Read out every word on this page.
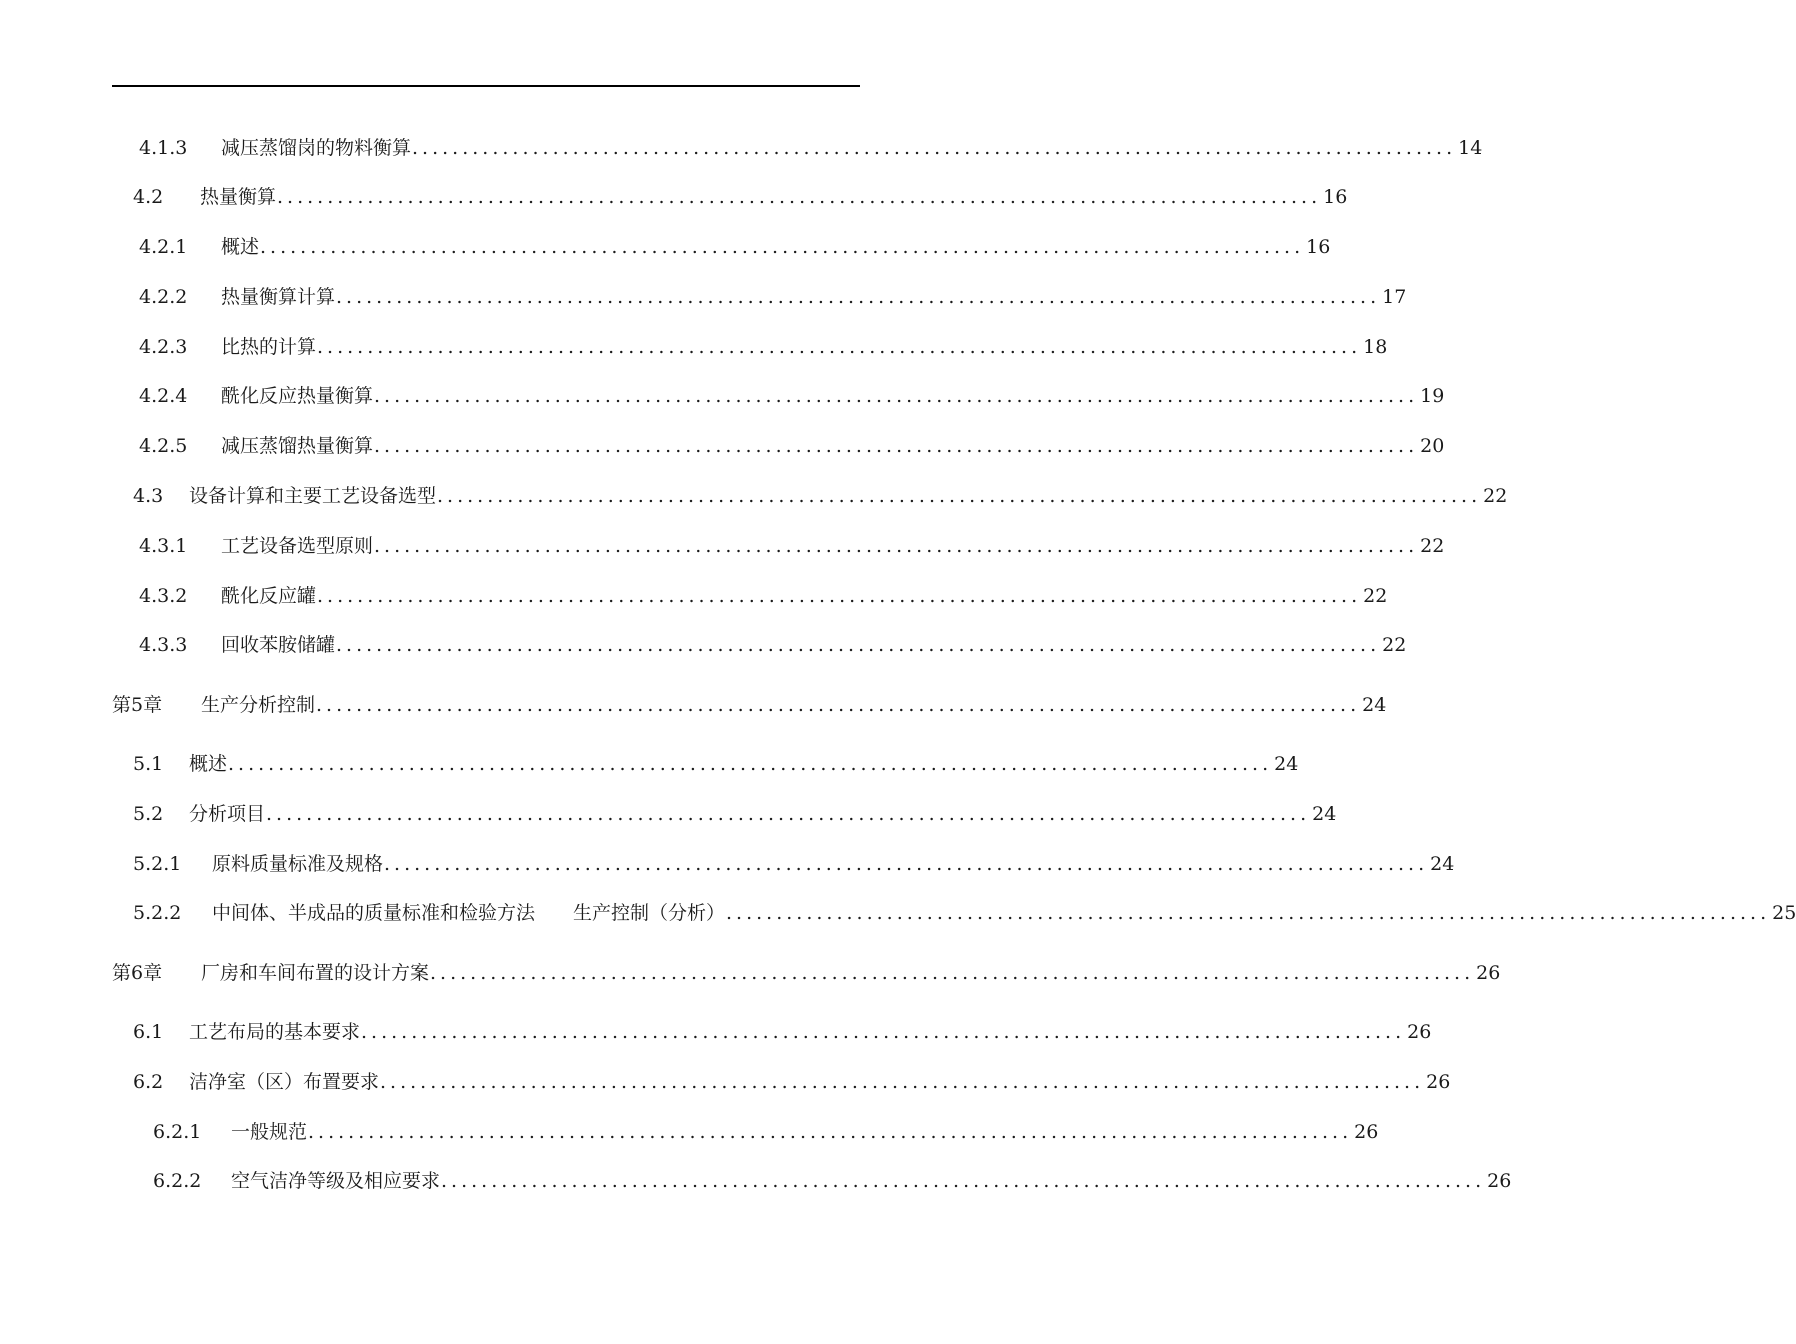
4.1.3	减压蒸馏岗的物料衡算 ........................................................................................................ 14
4.2	热量衡算 ........................................................................................................ 16
4.2.1	概述 ........................................................................................................ 16
4.2.2	热量衡算计算 ........................................................................................................ 17
4.2.3	比热的计算 ........................................................................................................ 18
4.2.4	酰化反应热量衡算 ........................................................................................................ 19
4.2.5	减压蒸馏热量衡算 ........................................................................................................ 20
4.3	设备计算和主要工艺设备选型 ........................................................................................................ 22
4.3.1	工艺设备选型原则 ........................................................................................................ 22
4.3.2	酰化反应罐 ........................................................................................................ 22
4.3.3	回收苯胺储罐 ........................................................................................................ 22
第5章	生产分析控制 ........................................................................................................ 24
5.1	概述 ........................................................................................................ 24
5.2	分析项目 ........................................................................................................ 24
5.2.1	原料质量标准及规格 ........................................................................................................ 24
5.2.2	中间体、半成品的质量标准和检验方法　　生产控制（分析） ........................................................................................................ 25
第6章	厂房和车间布置的设计方案 ........................................................................................................ 26
6.1	工艺布局的基本要求 ........................................................................................................ 26
6.2	洁净室（区）布置要求 ........................................................................................................ 26
6.2.1	一般规范 ........................................................................................................ 26
6.2.2	空气洁净等级及相应要求 ........................................................................................................ 26
